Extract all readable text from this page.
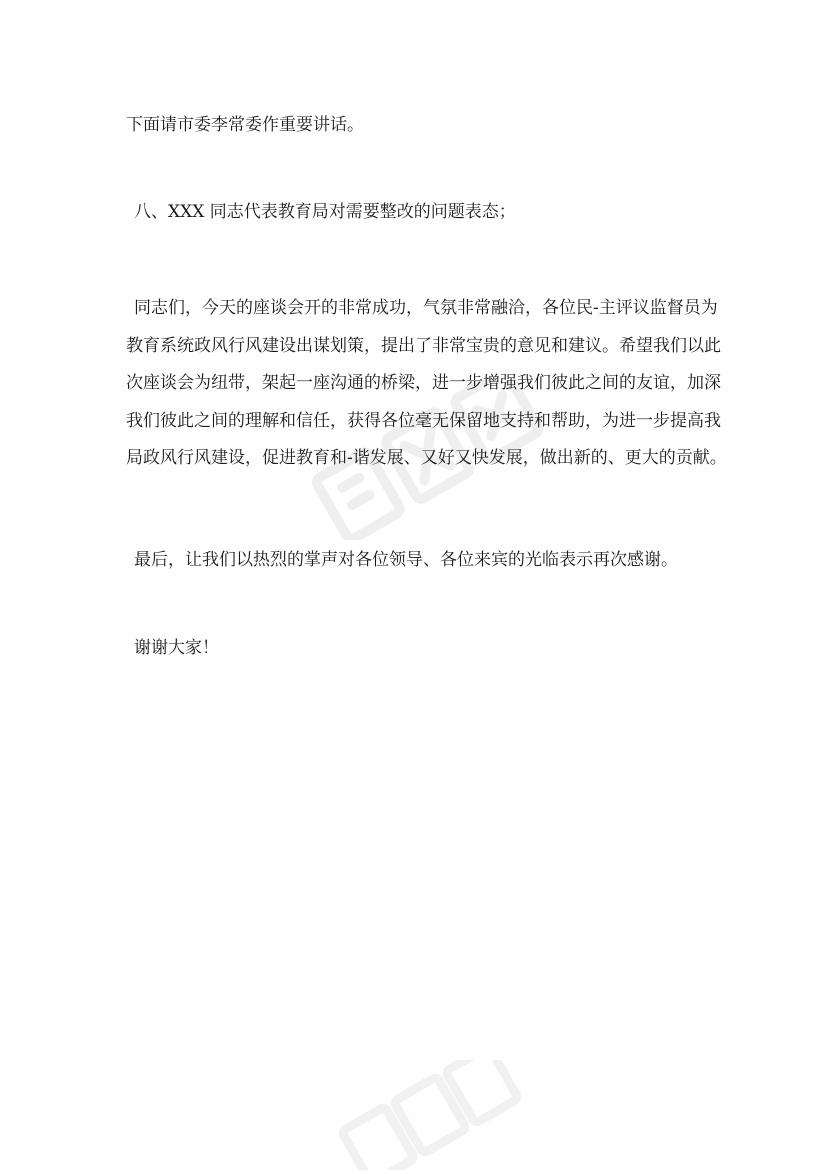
下面请市委李常委作重要讲话。
八、XXX 同志代表教育局对需要整改的问题表态；
同志们，今天的座谈会开的非常成功，气氛非常融洽，各位民-主评议监督员为
教育系统政风行风建设出谋划策，提出了非常宝贵的意见和建议。希望我们以此
次座谈会为纽带，架起一座沟通的桥梁，进一步增强我们彼此之间的友谊，加深
我们彼此之间的理解和信任，获得各位毫无保留地支持和帮助，为进一步提高我
局政风行风建设，促进教育和-谐发展、又好又快发展，做出新的、更大的贡献。
最后，让我们以热烈的掌声对各位领导、各位来宾的光临表示再次感谢。
谢谢大家！
